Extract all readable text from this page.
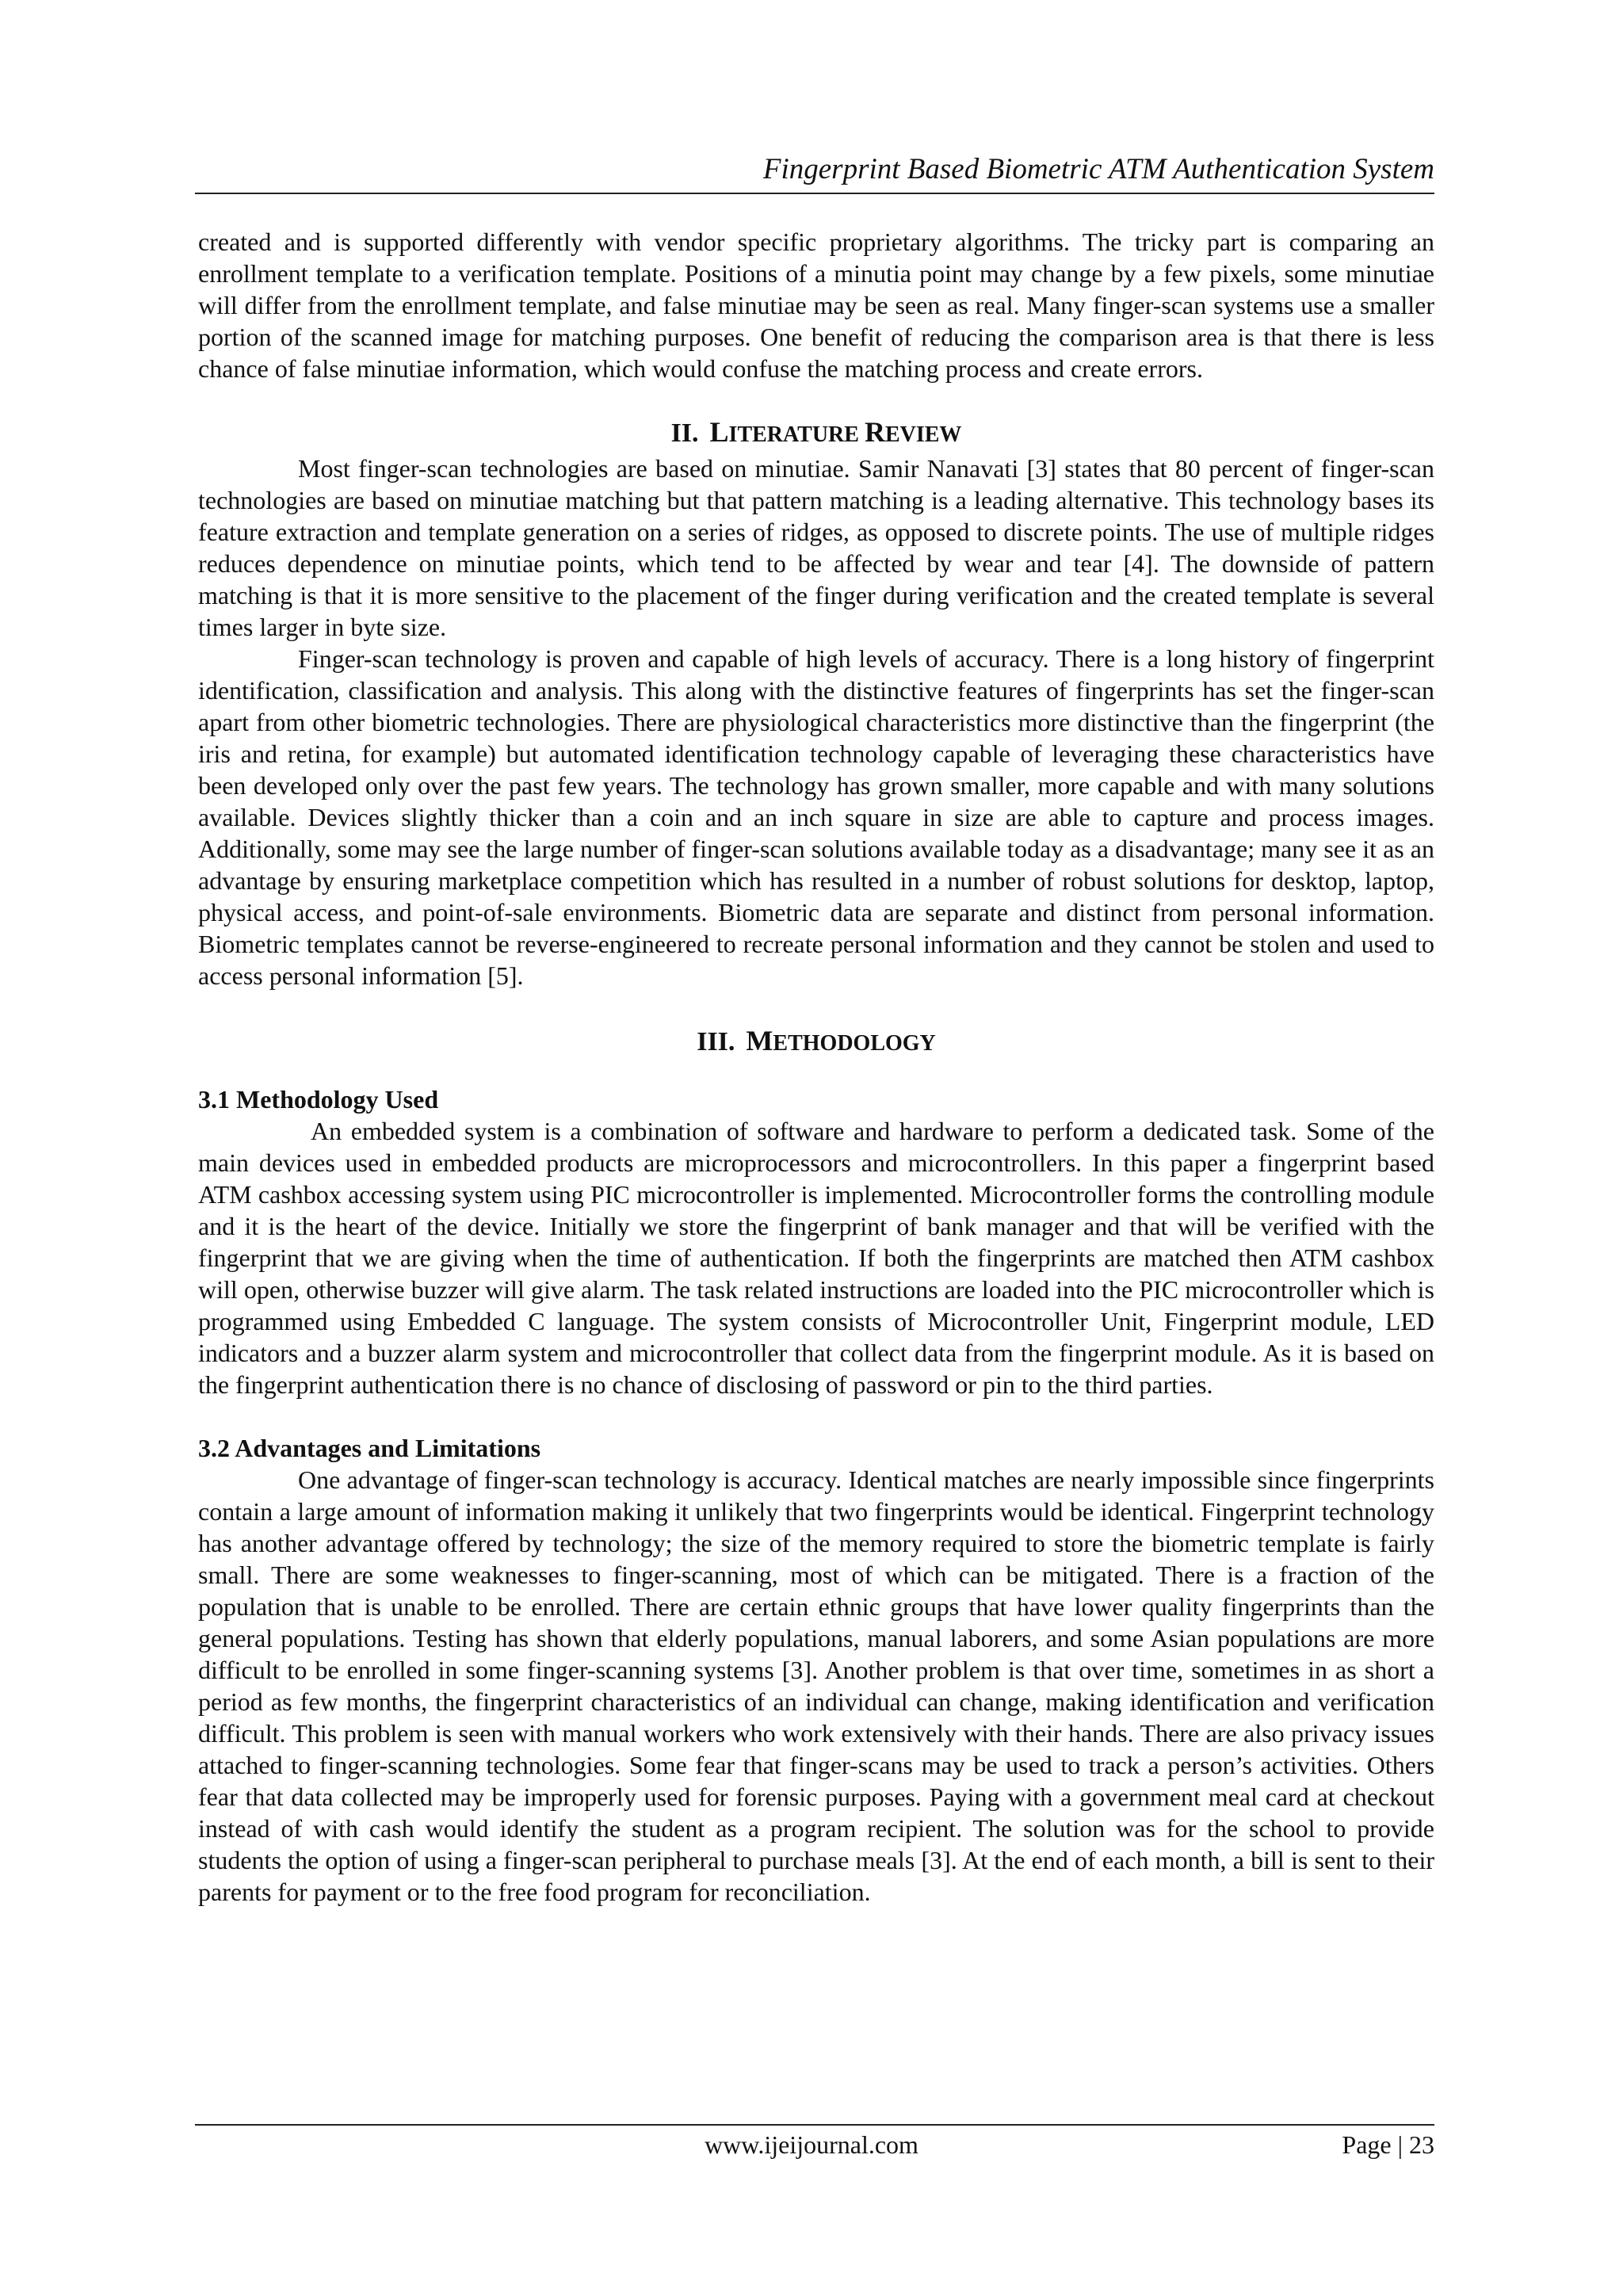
Fingerprint Based Biometric ATM Authentication System

created and is supported differently with vendor specific proprietary algorithms. The tricky part is comparing an enrollment template to a verification template. Positions of a minutia point may change by a few pixels, some minutiae will differ from the enrollment template, and false minutiae may be seen as real. Many finger-scan systems use a smaller portion of the scanned image for matching purposes. One benefit of reducing the comparison area is that there is less chance of false minutiae information, which would confuse the matching process and create errors.

II. LITERATURE REVIEW

Most finger-scan technologies are based on minutiae. Samir Nanavati [3] states that 80 percent of finger-scan technologies are based on minutiae matching but that pattern matching is a leading alternative. This technology bases its feature extraction and template generation on a series of ridges, as opposed to discrete points. The use of multiple ridges reduces dependence on minutiae points, which tend to be affected by wear and tear [4]. The downside of pattern matching is that it is more sensitive to the placement of the finger during verification and the created template is several times larger in byte size.

Finger-scan technology is proven and capable of high levels of accuracy. There is a long history of fingerprint identification, classification and analysis. This along with the distinctive features of fingerprints has set the finger-scan apart from other biometric technologies. There are physiological characteristics more distinctive than the fingerprint (the iris and retina, for example) but automated identification technology capable of leveraging these characteristics have been developed only over the past few years. The technology has grown smaller, more capable and with many solutions available. Devices slightly thicker than a coin and an inch square in size are able to capture and process images. Additionally, some may see the large number of finger-scan solutions available today as a disadvantage; many see it as an advantage by ensuring marketplace competition which has resulted in a number of robust solutions for desktop, laptop, physical access, and point-of-sale environments. Biometric data are separate and distinct from personal information. Biometric templates cannot be reverse-engineered to recreate personal information and they cannot be stolen and used to access personal information [5].

III. METHODOLOGY
3.1 Methodology Used

An embedded system is a combination of software and hardware to perform a dedicated task. Some of the main devices used in embedded products are microprocessors and microcontrollers. In this paper a fingerprint based ATM cashbox accessing system using PIC microcontroller is implemented. Microcontroller forms the controlling module and it is the heart of the device. Initially we store the fingerprint of bank manager and that will be verified with the fingerprint that we are giving when the time of authentication. If both the fingerprints are matched then ATM cashbox will open, otherwise buzzer will give alarm. The task related instructions are loaded into the PIC microcontroller which is programmed using Embedded C language. The system consists of Microcontroller Unit, Fingerprint module, LED indicators and a buzzer alarm system and microcontroller that collect data from the fingerprint module. As it is based on the fingerprint authentication there is no chance of disclosing of password or pin to the third parties.

3.2 Advantages and Limitations

One advantage of finger-scan technology is accuracy. Identical matches are nearly impossible since fingerprints contain a large amount of information making it unlikely that two fingerprints would be identical. Fingerprint technology has another advantage offered by technology; the size of the memory required to store the biometric template is fairly small. There are some weaknesses to finger-scanning, most of which can be mitigated. There is a fraction of the population that is unable to be enrolled. There are certain ethnic groups that have lower quality fingerprints than the general populations. Testing has shown that elderly populations, manual laborers, and some Asian populations are more difficult to be enrolled in some finger-scanning systems [3]. Another problem is that over time, sometimes in as short a period as few months, the fingerprint characteristics of an individual can change, making identification and verification difficult. This problem is seen with manual workers who work extensively with their hands. There are also privacy issues attached to finger-scanning technologies. Some fear that finger-scans may be used to track a person’s activities. Others fear that data collected may be improperly used for forensic purposes. Paying with a government meal card at checkout instead of with cash would identify the student as a program recipient. The solution was for the school to provide students the option of using a finger-scan peripheral to purchase meals [3]. At the end of each month, a bill is sent to their parents for payment or to the free food program for reconciliation.

www.ijeijournal.com	Page | 23
